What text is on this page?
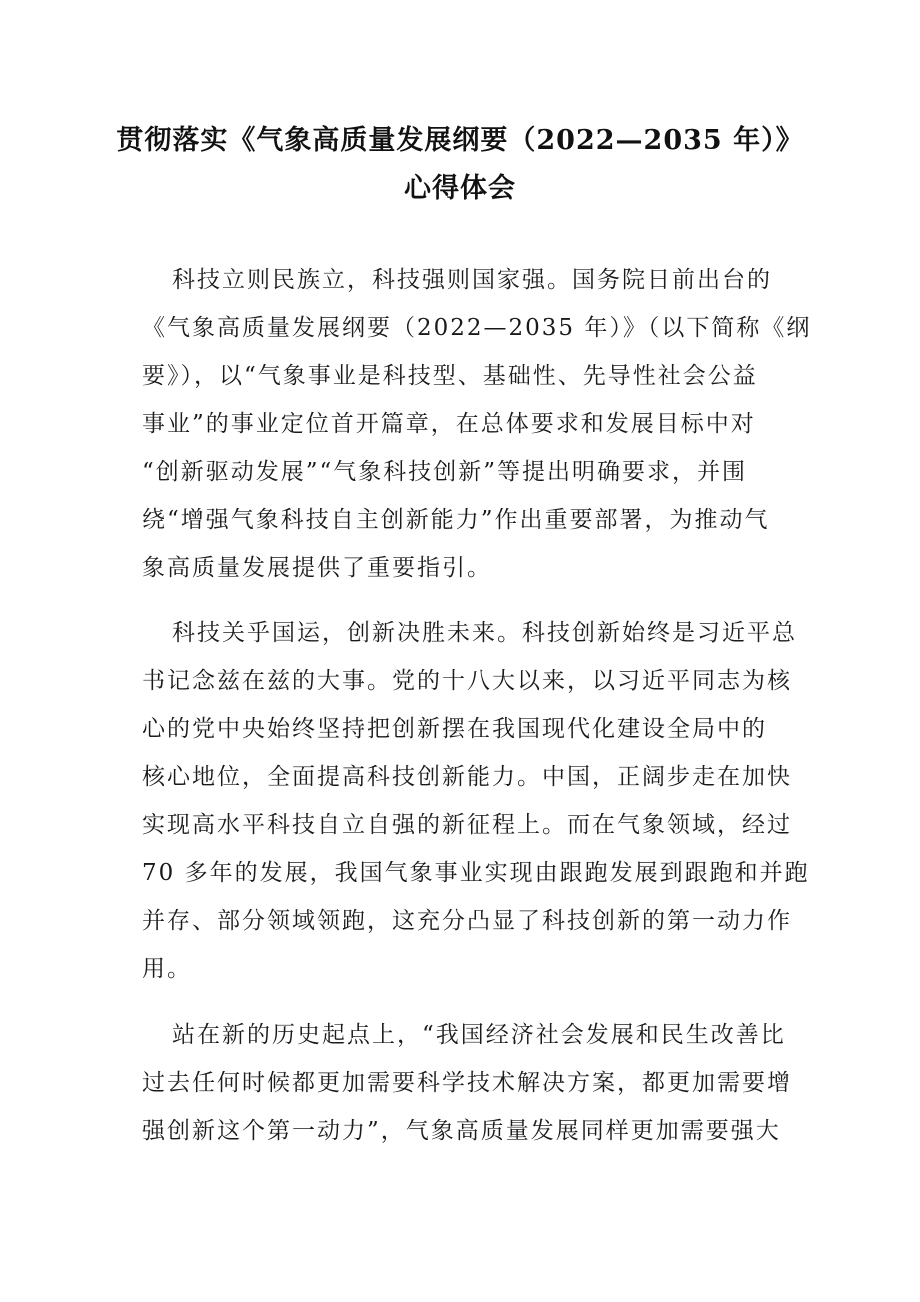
贯彻落实《气象高质量发展纲要（2022—2035 年）》
心得体会
科技立则民族立，科技强则国家强。国务院日前出台的
《气象高质量发展纲要（2022—2035 年）》（以下简称《纲
要》），以“气象事业是科技型、基础性、先导性社会公益
事业”的事业定位首开篇章，在总体要求和发展目标中对
“创新驱动发展”“气象科技创新”等提出明确要求，并围
绕“增强气象科技自主创新能力”作出重要部署，为推动气
象高质量发展提供了重要指引。
科技关乎国运，创新决胜未来。科技创新始终是习近平总
书记念兹在兹的大事。党的十八大以来，以习近平同志为核
心的党中央始终坚持把创新摆在我国现代化建设全局中的
核心地位，全面提高科技创新能力。中国，正阔步走在加快
实现高水平科技自立自强的新征程上。而在气象领域，经过
70 多年的发展，我国气象事业实现由跟跑发展到跟跑和并跑
并存、部分领域领跑，这充分凸显了科技创新的第一动力作
用。
站在新的历史起点上，“我国经济社会发展和民生改善比
过去任何时候都更加需要科学技术解决方案，都更加需要增
强创新这个第一动力”，气象高质量发展同样更加需要强大
